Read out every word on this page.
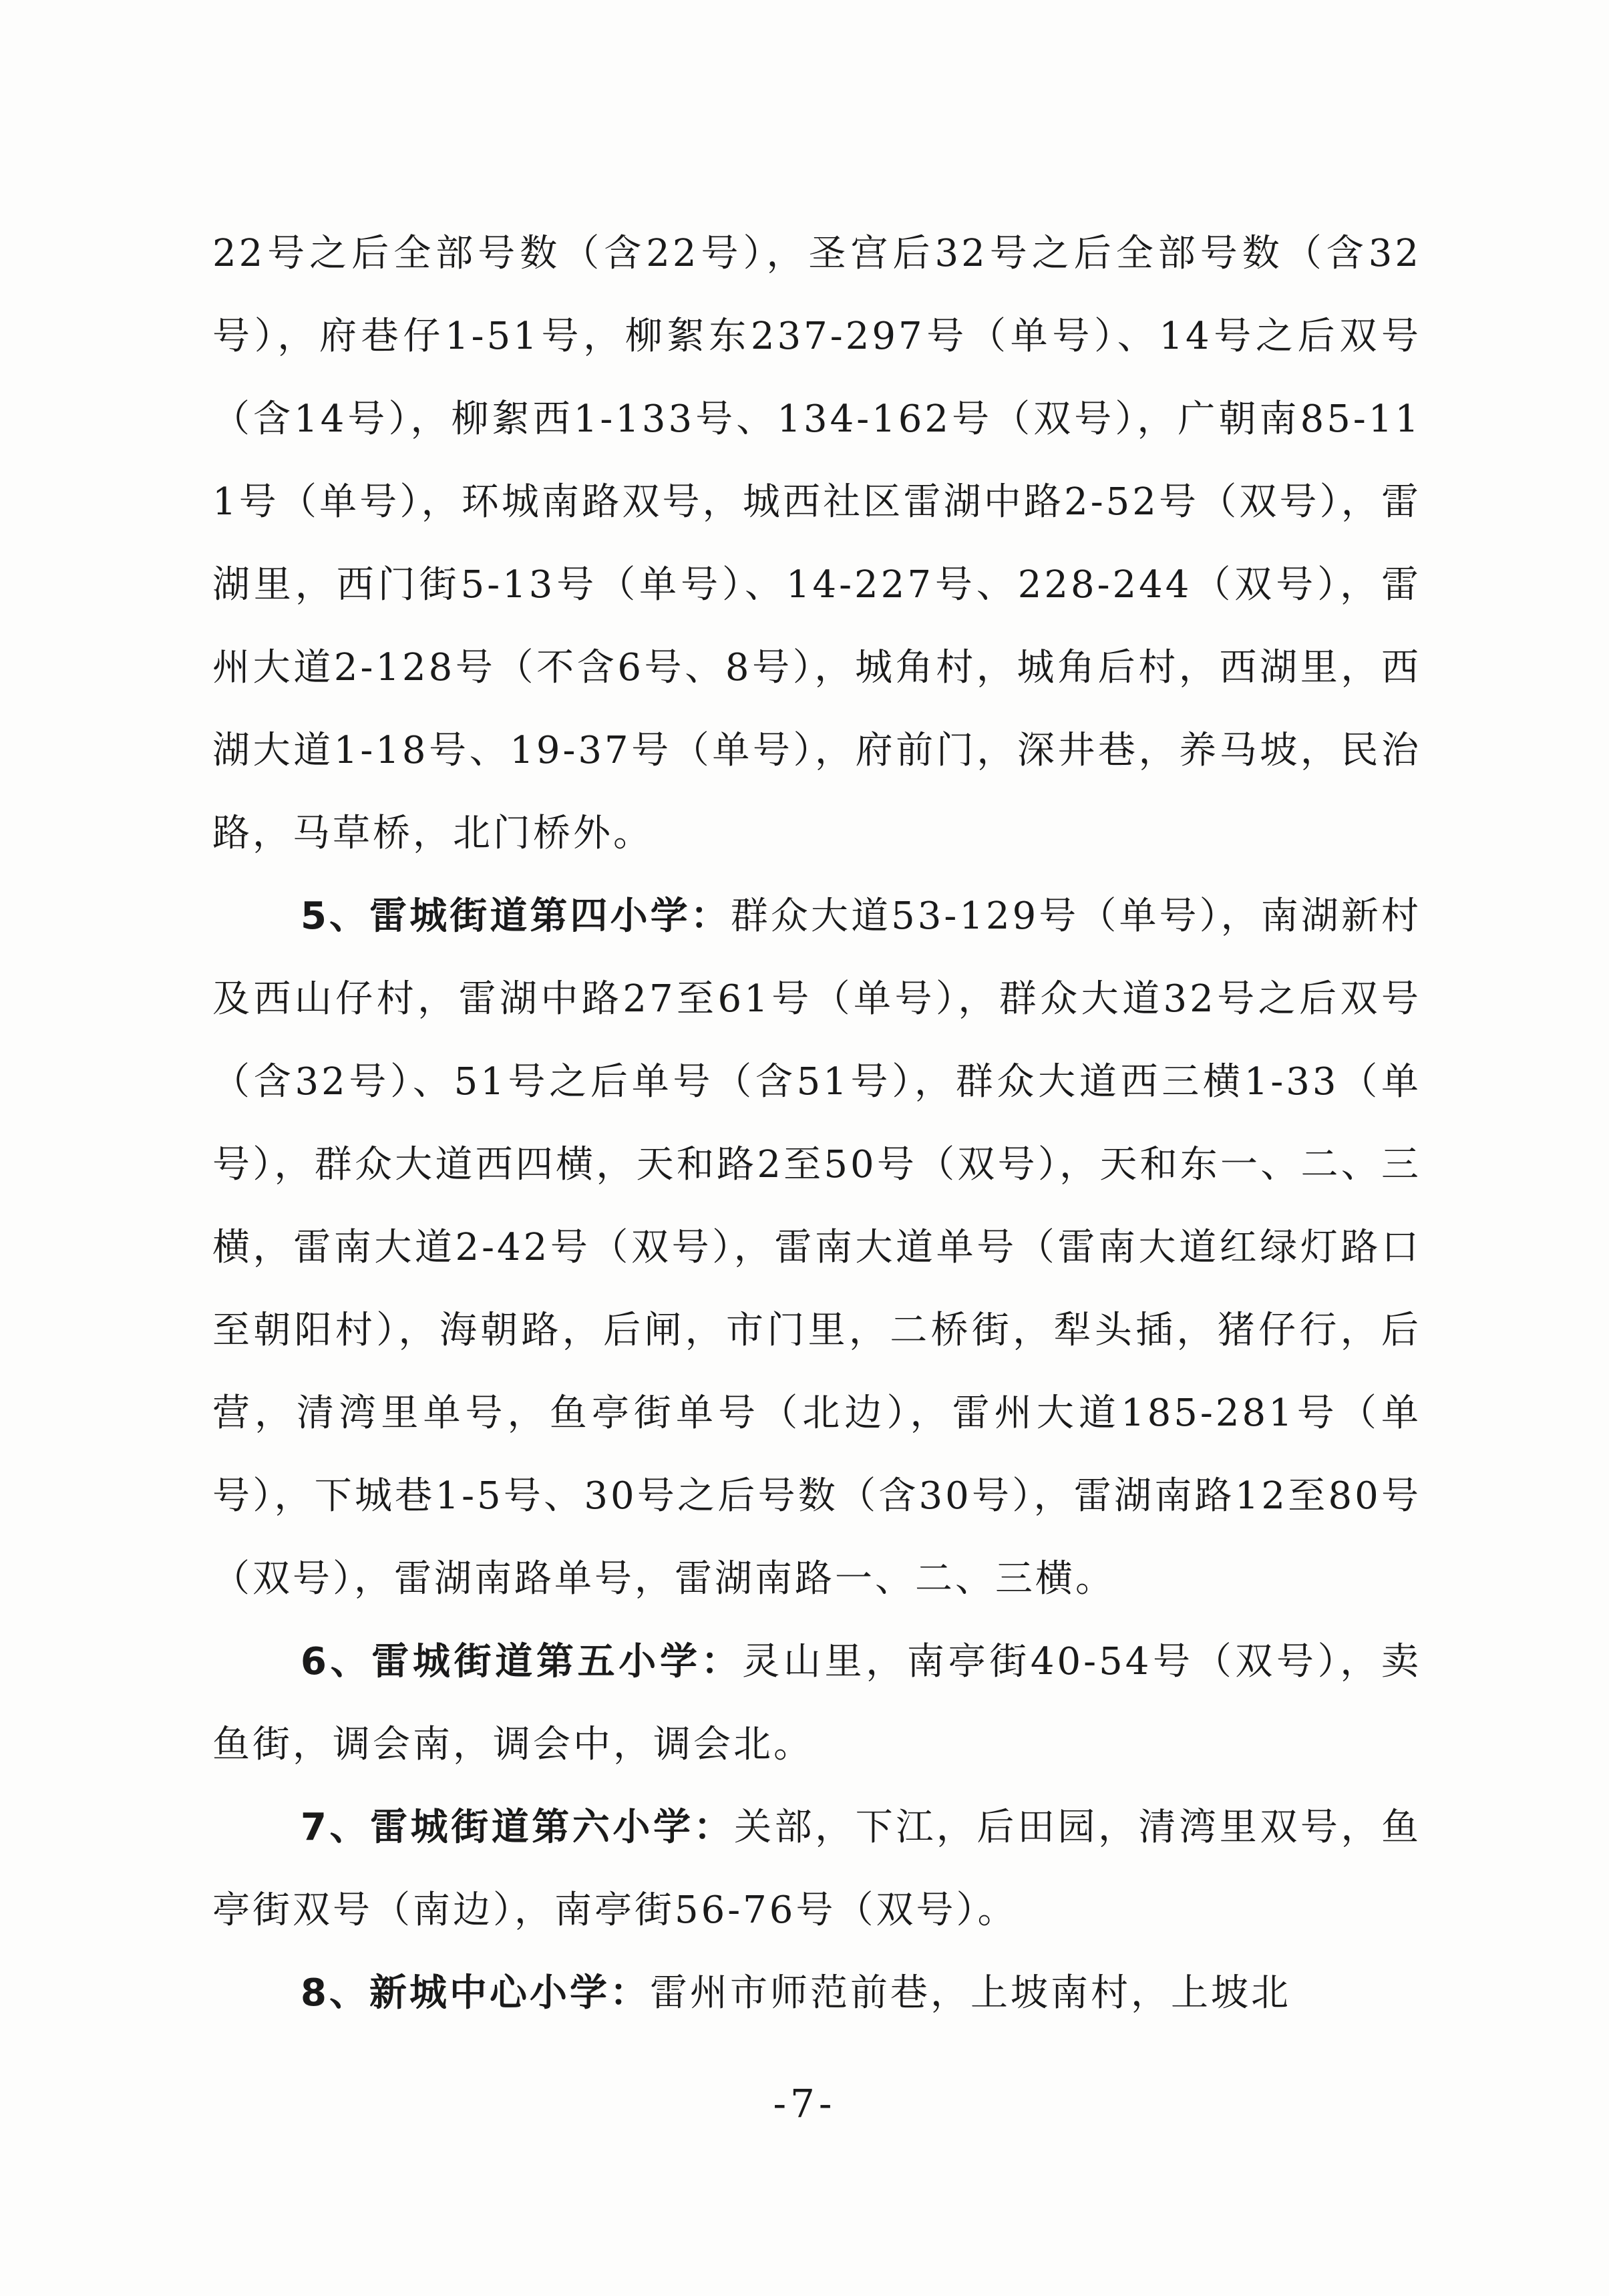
22号之后全部号数（含22号），圣宫后32号之后全部号数（含32号），府巷仔1-51号，柳絮东237-297号（单号）、14号之后双号（含14号），柳絮西1-133号、134-162号（双号），广朝南85-111号（单号），环城南路双号，城西社区雷湖中路2-52号（双号），雷湖里，西门街5-13号（单号）、14-227号、228-244（双号），雷州大道2-128号（不含6号、8号），城角村，城角后村，西湖里，西湖大道1-18号、19-37号（单号），府前门，深井巷，养马坡，民治路，马草桥，北门桥外。

5、雷城街道第四小学：群众大道53-129号（单号），南湖新村及西山仔村，雷湖中路27至61号（单号），群众大道32号之后双号（含32号）、51号之后单号（含51号），群众大道西三横1-33（单号），群众大道西四横，天和路2至50号（双号），天和东一、二、三横，雷南大道2-42号（双号），雷南大道单号（雷南大道红绿灯路口至朝阳村），海朝路，后闸，市门里，二桥街，犁头插，猪仔行，后营，清湾里单号，鱼亭街单号（北边），雷州大道185-281号（单号），下城巷1-5号、30号之后号数（含30号），雷湖南路12至80号（双号），雷湖南路单号，雷湖南路一、二、三横。

6、雷城街道第五小学：灵山里，南亭街40-54号（双号），卖鱼街，调会南，调会中，调会北。

7、雷城街道第六小学：关部，下江，后田园，清湾里双号，鱼亭街双号（南边），南亭街56-76号（双号）。

8、新城中心小学：雷州市师范前巷，上坡南村，上坡北

-7-
